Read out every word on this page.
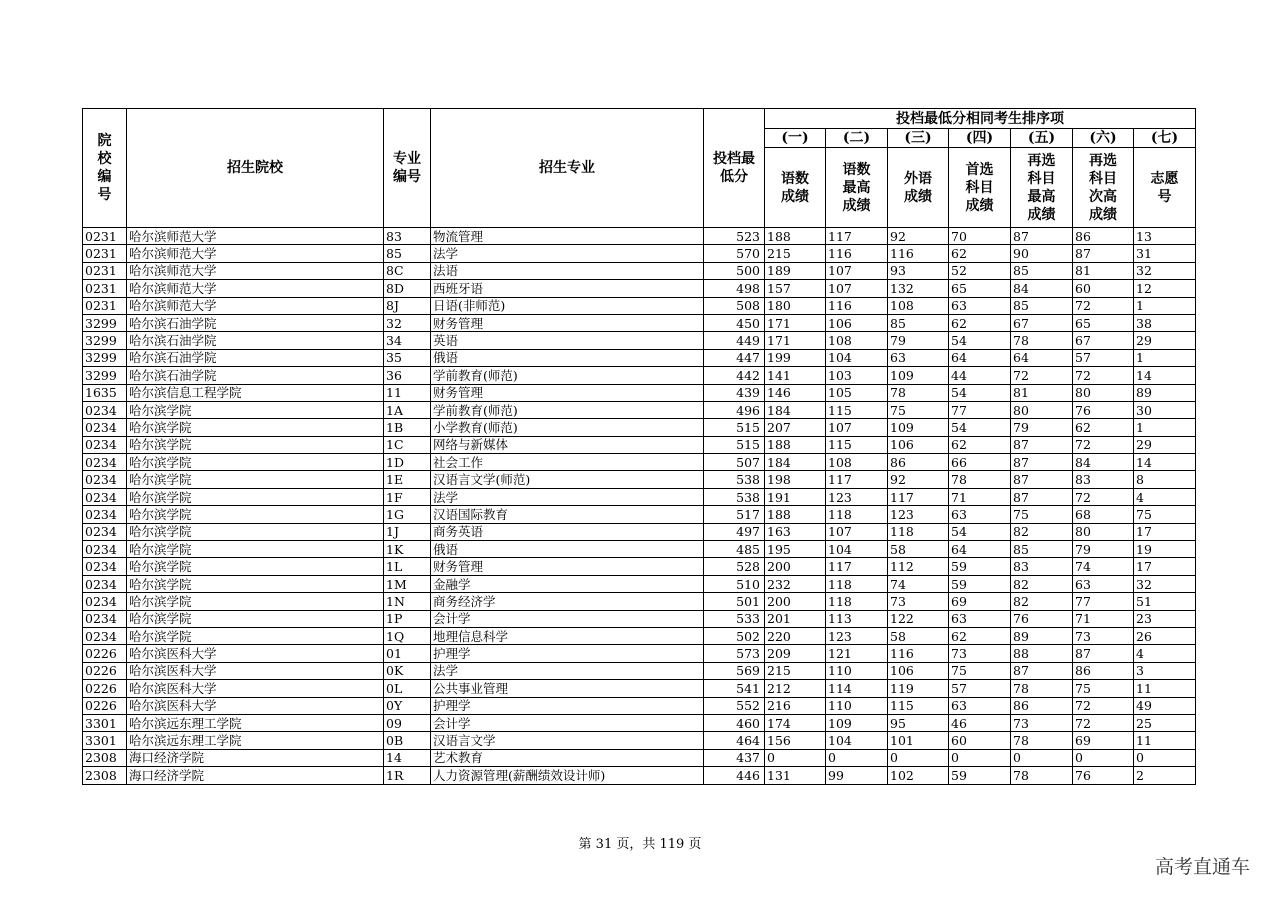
院校编号	招生院校	专业编号	招生专业	投档最低分	投档最低分相同考生排序项						
					(一)	(二)	(三)	(四)	(五)	(六)	(七)

					语数成绩	语数最高成绩	外语成绩	首选科目成绩	再选科目最高成绩	再选科目次高成绩	志愿号

0231	哈尔滨师范大学	83	物流管理	523	188	117	92	70	87	86	13
0231	哈尔滨师范大学	85	法学	570	215	116	116	62	90	87	31
0231	哈尔滨师范大学	8C	法语	500	189	107	93	52	85	81	32
0231	哈尔滨师范大学	8D	西班牙语	498	157	107	132	65	84	60	12
0231	哈尔滨师范大学	8J	日语(非师范)	508	180	116	108	63	85	72	1
3299	哈尔滨石油学院	32	财务管理	450	171	106	85	62	67	65	38
3299	哈尔滨石油学院	34	英语	449	171	108	79	54	78	67	29
3299	哈尔滨石油学院	35	俄语	447	199	104	63	64	64	57	1
3299	哈尔滨石油学院	36	学前教育(师范)	442	141	103	109	44	72	72	14
1635	哈尔滨信息工程学院	11	财务管理	439	146	105	78	54	81	80	89
0234	哈尔滨学院	1A	学前教育(师范)	496	184	115	75	77	80	76	30
0234	哈尔滨学院	1B	小学教育(师范)	515	207	107	109	54	79	62	1
0234	哈尔滨学院	1C	网络与新媒体	515	188	115	106	62	87	72	29
0234	哈尔滨学院	1D	社会工作	507	184	108	86	66	87	84	14
0234	哈尔滨学院	1E	汉语言文学(师范)	538	198	117	92	78	87	83	8
0234	哈尔滨学院	1F	法学	538	191	123	117	71	87	72	4
0234	哈尔滨学院	1G	汉语国际教育	517	188	118	123	63	75	68	75
0234	哈尔滨学院	1J	商务英语	497	163	107	118	54	82	80	17
0234	哈尔滨学院	1K	俄语	485	195	104	58	64	85	79	19
0234	哈尔滨学院	1L	财务管理	528	200	117	112	59	83	74	17
0234	哈尔滨学院	1M	金融学	510	232	118	74	59	82	63	32
0234	哈尔滨学院	1N	商务经济学	501	200	118	73	69	82	77	51
0234	哈尔滨学院	1P	会计学	533	201	113	122	63	76	71	23
0234	哈尔滨学院	1Q	地理信息科学	502	220	123	58	62	89	73	26
0226	哈尔滨医科大学	01	护理学	573	209	121	116	73	88	87	4
0226	哈尔滨医科大学	0K	法学	569	215	110	106	75	87	86	3
0226	哈尔滨医科大学	0L	公共事业管理	541	212	114	119	57	78	75	11
0226	哈尔滨医科大学	0Y	护理学	552	216	110	115	63	86	72	49
3301	哈尔滨远东理工学院	09	会计学	460	174	109	95	46	73	72	25
3301	哈尔滨远东理工学院	0B	汉语言文学	464	156	104	101	60	78	69	11
2308	海口经济学院	14	艺术教育	437	0	0	0	0	0	0	0
2308	海口经济学院	1R	人力资源管理(薪酬绩效设计师)	446	131	99	102	59	78	76	2
第 31 页，共 119 页
高考直通车
